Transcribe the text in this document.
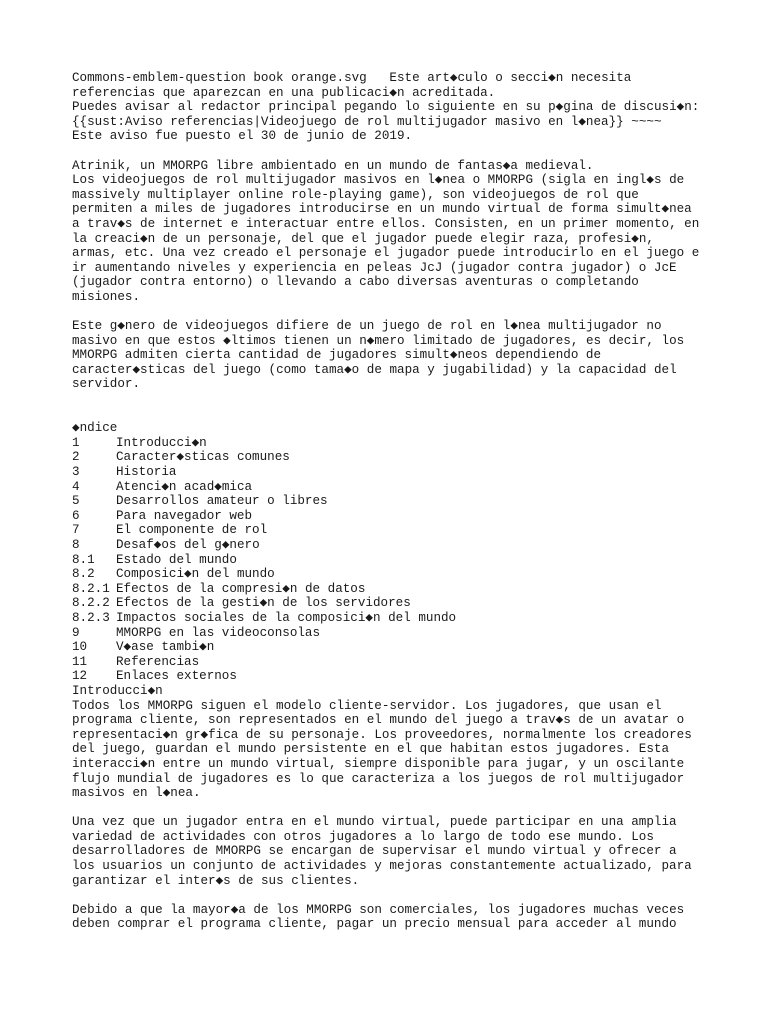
Commons-emblem-question book orange.svg   Este art◆culo o secci◆n necesita
referencias que aparezcan en una publicaci◆n acreditada.
Puedes avisar al redactor principal pegando lo siguiente en su p◆gina de discusi◆n:
{{sust:Aviso referencias|Videojuego de rol multijugador masivo en l◆nea}} ~~~~
Este aviso fue puesto el 30 de junio de 2019.
Atrinik, un MMORPG libre ambientado en un mundo de fantas◆a medieval.
Los videojuegos de rol multijugador masivos en l◆nea o MMORPG (sigla en ingl◆s de
massively multiplayer online role-playing game), son videojuegos de rol que
permiten a miles de jugadores introducirse en un mundo virtual de forma simult◆nea
a trav◆s de internet e interactuar entre ellos. Consisten, en un primer momento, en
la creaci◆n de un personaje, del que el jugador puede elegir raza, profesi◆n,
armas, etc. Una vez creado el personaje el jugador puede introducirlo en el juego e
ir aumentando niveles y experiencia en peleas JcJ (jugador contra jugador) o JcE
(jugador contra entorno) o llevando a cabo diversas aventuras o completando
misiones.
Este g◆nero de videojuegos difiere de un juego de rol en l◆nea multijugador no
masivo en que estos ◆ltimos tienen un n◆mero limitado de jugadores, es decir, los
MMORPG admiten cierta cantidad de jugadores simult◆neos dependiendo de
caracter◆sticas del juego (como tama◆o de mapa y jugabilidad) y la capacidad del
servidor.
◆ndice
1	Introducci◆n
2	Caracter◆sticas comunes
3	Historia
4	Atenci◆n acad◆mica
5	Desarrollos amateur o libres
6	Para navegador web
7	El componente de rol
8	Desaf◆os del g◆nero
8.1	Estado del mundo
8.2	Composici◆n del mundo
8.2.1 Efectos de la compresi◆n de datos
8.2.2 Efectos de la gesti◆n de los servidores
8.2.3 Impactos sociales de la composici◆n del mundo
9	MMORPG en las videoconsolas
10	V◆ase tambi◆n
11	Referencias
12	Enlaces externos
Introducci◆n
Todos los MMORPG siguen el modelo cliente-servidor. Los jugadores, que usan el
programa cliente, son representados en el mundo del juego a trav◆s de un avatar o
representaci◆n gr◆fica de su personaje. Los proveedores, normalmente los creadores
del juego, guardan el mundo persistente en el que habitan estos jugadores. Esta
interacci◆n entre un mundo virtual, siempre disponible para jugar, y un oscilante
flujo mundial de jugadores es lo que caracteriza a los juegos de rol multijugador
masivos en l◆nea.
Una vez que un jugador entra en el mundo virtual, puede participar en una amplia
variedad de actividades con otros jugadores a lo largo de todo ese mundo. Los
desarrolladores de MMORPG se encargan de supervisar el mundo virtual y ofrecer a
los usuarios un conjunto de actividades y mejoras constantemente actualizado, para
garantizar el inter◆s de sus clientes.
Debido a que la mayor◆a de los MMORPG son comerciales, los jugadores muchas veces
deben comprar el programa cliente, pagar un precio mensual para acceder al mundo
